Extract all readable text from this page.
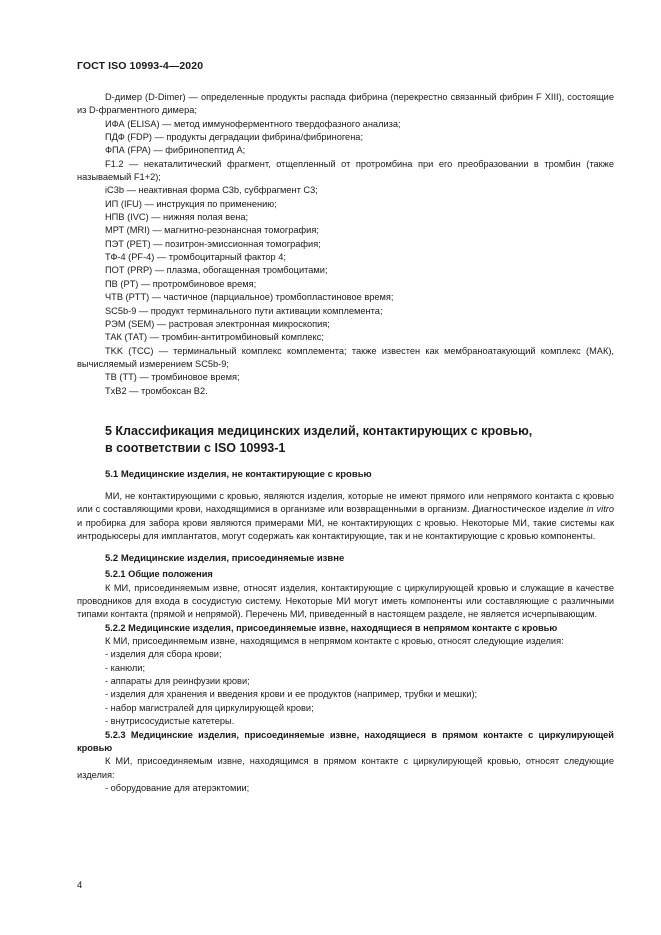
ГОСТ ISO 10993-4—2020

D-димер (D-Dimer) — определенные продукты распада фибрина (перекрестно связанный фибрин F XIII), состоящие из D-фрагментного димера;

ИФА (ELISA) — метод иммуноферментного твердофазного анализа;

ПДФ (FDP) — продукты деградации фибрина/фибриногена;

ФПА (FPA) — фибринопептид А;

F1.2 — некаталитический фрагмент, отщепленный от протромбина при его преобразовании в тромбин (также называемый F1+2);

iC3b — неактивная форма C3b, субфрагмент C3;

ИП (IFU) — инструкция по применению;

НПВ (IVC) — нижняя полая вена;

МРТ (MRI) — магнитно-резонансная томография;

ПЭТ (PET) — позитрон-эмиссионная томография;

ТФ-4 (PF-4) — тромбоцитарный фактор 4;

ПОТ (PRP) — плазма, обогащенная тромбоцитами;

ПВ (PT) — протромбиновое время;

ЧТВ (PTT) — частичное (парциальное) тромбопластиновое время;

SC5b-9 — продукт терминального пути активации комплемента;

РЭМ (SEM) — растровая электронная микроскопия;

ТАК (ТАТ) — тромбин-антитромбиновый комплекс;

TKK (TCC) — терминальный комплекс комплемента; также известен как мембраноатакующий комплекс (МАК), вычисляемый измерением SC5b-9;

ТВ (TT) — тромбиновое время;

TxB2 — тромбоксан B2.

5 Классификация медицинских изделий, контактирующих с кровью,
в соответствии с ISO 10993-1
5.1 Медицинские изделия, не контактирующие с кровью

МИ, не контактирующими с кровью, являются изделия, которые не имеют прямого или непрямого контакта с кровью или с составляющими крови, находящимися в организме или возвращенными в организм. Диагностическое изделие in vitro и пробирка для забора крови являются примерами МИ, не контактирующих с кровью. Некоторые МИ, такие системы как интродьюсеры для имплантатов, могут содержать как контактирующие, так и не контактирующие с кровью компоненты.

5.2 Медицинские изделия, присоединяемые извне

5.2.1 Общие положения

К МИ, присоединяемым извне, относят изделия, контактирующие с циркулирующей кровью и служащие в качестве проводников для входа в сосудистую систему. Некоторые МИ могут иметь компоненты или составляющие с различными типами контакта (прямой и непрямой). Перечень МИ, приведенный в настоящем разделе, не является исчерпывающим.

5.2.2 Медицинские изделия, присоединяемые извне, находящиеся в непрямом контакте с кровью

К МИ, присоединяемым извне, находящимся в непрямом контакте с кровью, относят следующие изделия:

- изделия для сбора крови;
- канюли;
- аппараты для реинфузии крови;
- изделия для хранения и введения крови и ее продуктов (например, трубки и мешки);
- набор магистралей для циркулирующей крови;
- внутрисосудистые катетеры.

5.2.3 Медицинские изделия, присоединяемые извне, находящиеся в прямом контакте с циркулирующей кровью

К МИ, присоединяемым извне, находящимся в прямом контакте с циркулирующей кровью, относят следующие изделия:

- оборудование для атерэктомии;
4
